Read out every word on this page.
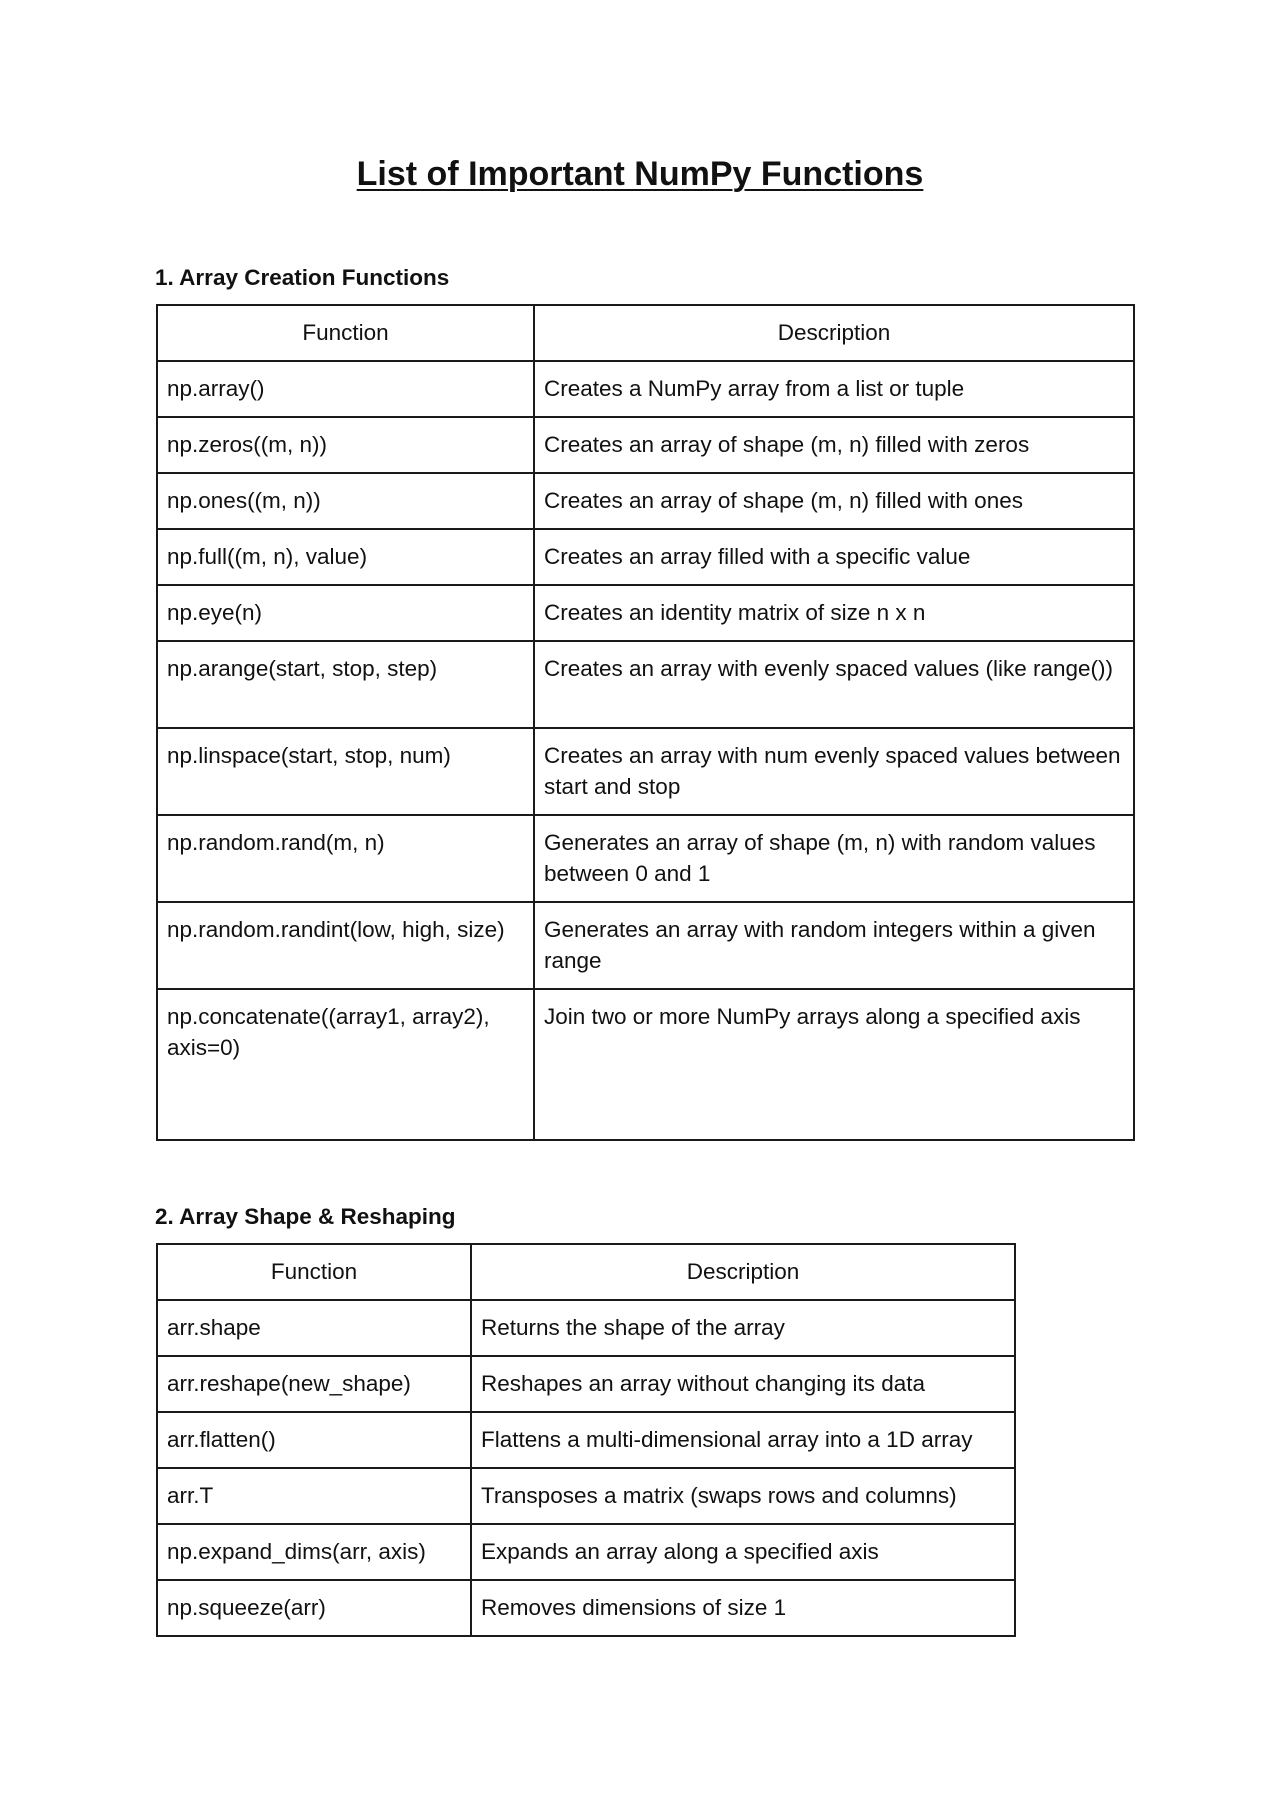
List of Important NumPy Functions
1. Array Creation Functions
Function	Description
np.array()	Creates a NumPy array from a list or tuple
np.zeros((m, n))	Creates an array of shape (m, n) filled with zeros
np.ones((m, n))	Creates an array of shape (m, n) filled with ones
np.full((m, n), value)	Creates an array filled with a specific value
np.eye(n)	Creates an identity matrix of size n x n
np.arange(start, stop, step)	Creates an array with evenly spaced values (like range())
np.linspace(start, stop, num)	Creates an array with num evenly spaced values between start and stop
np.random.rand(m, n)	Generates an array of shape (m, n) with random values between 0 and 1
np.random.randint(low, high, size)	Generates an array with random integers within a given range
np.concatenate((array1, array2), axis=0)	Join two or more NumPy arrays along a specified axis
2. Array Shape & Reshaping
Function	Description
arr.shape	Returns the shape of the array
arr.reshape(new_shape)	Reshapes an array without changing its data
arr.flatten()	Flattens a multi-dimensional array into a 1D array
arr.T	Transposes a matrix (swaps rows and columns)
np.expand_dims(arr, axis)	Expands an array along a specified axis
np.squeeze(arr)	Removes dimensions of size 1
